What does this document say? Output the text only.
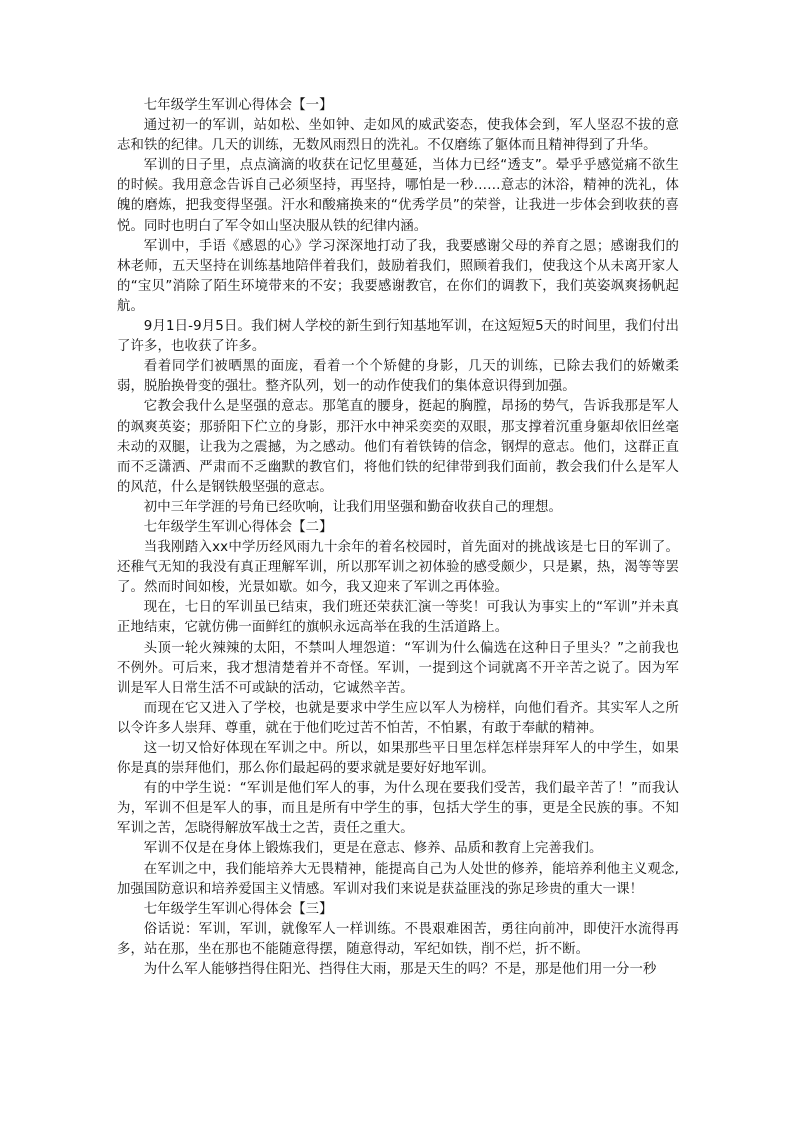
七年级学生军训心得体会【一】

通过初一的军训，站如松、坐如钟、走如风的威武姿态，使我体会到，军人坚忍不拔的意志和铁的纪律。几天的训练，无数风雨烈日的洗礼。不仅磨练了躯体而且精神得到了升华。

军训的日子里，点点滴滴的收获在记忆里蔓延，当体力已经“透支”。晕乎乎感觉痛不欲生的时候。我用意念告诉自己必须坚持，再坚持，哪怕是一秒……意志的沐浴，精神的洗礼，体魄的磨炼，把我变得坚强。汗水和酸痛换来的“优秀学员”的荣誉，让我进一步体会到收获的喜悦。同时也明白了军令如山坚决服从铁的纪律内涵。

军训中，手语《感恩的心》学习深深地打动了我，我要感谢父母的养育之恩；感谢我们的林老师，五天坚持在训练基地陪伴着我们，鼓励着我们，照顾着我们，使我这个从未离开家人的“宝贝”消除了陌生环境带来的不安；我要感谢教官，在你们的调教下，我们英姿飒爽扬帆起航。

9月1日-9月5日。我们树人学校的新生到行知基地军训，在这短短5天的时间里，我们付出了许多，也收获了许多。

看着同学们被晒黑的面庞，看着一个个矫健的身影，几天的训练，已除去我们的娇嫩柔弱，脱胎换骨变的强壮。整齐队列，划一的动作使我们的集体意识得到加强。

它教会我什么是坚强的意志。那笔直的腰身，挺起的胸膛，昂扬的势气，告诉我那是军人的飒爽英姿；那骄阳下伫立的身影，那汗水中神采奕奕的双眼，那支撑着沉重身躯却依旧丝毫未动的双腿，让我为之震撼，为之感动。他们有着铁铸的信念，钢焊的意志。他们，这群正直而不乏潇洒、严肃而不乏幽默的教官们，将他们铁的纪律带到我们面前，教会我们什么是军人的风范，什么是钢铁般坚强的意志。

初中三年学涯的号角已经吹响，让我们用坚强和勤奋收获自己的理想。

七年级学生军训心得体会【二】

当我刚踏入xx中学历经风雨九十余年的着名校园时，首先面对的挑战该是七日的军训了。还稚气无知的我没有真正理解军训，所以那军训之初体验的感受颇少，只是累，热，渴等等罢了。然而时间如梭，光景如歇。如今，我又迎来了军训之再体验。

现在，七日的军训虽已结束，我们班还荣获汇演一等奖！可我认为事实上的“军训”并未真正地结束，它就仿佛一面鲜红的旗帜永远高举在我的生活道路上。

头顶一轮火辣辣的太阳，不禁叫人埋怨道：“军训为什么偏选在这种日子里头？”之前我也不例外。可后来，我才想清楚着并不奇怪。军训，一提到这个词就离不开辛苦之说了。因为军训是军人日常生活不可或缺的活动，它诚然辛苦。

而现在它又进入了学校，也就是要求中学生应以军人为榜样，向他们看齐。其实军人之所以令许多人崇拜、尊重，就在于他们吃过苦不怕苦，不怕累，有敢于奉献的精神。

这一切又恰好体现在军训之中。所以，如果那些平日里怎样怎样崇拜军人的中学生，如果你是真的崇拜他们，那么你们最起码的要求就是要好好地军训。

有的中学生说：“军训是他们军人的事，为什么现在要我们受苦，我们最辛苦了！”而我认为，军训不但是军人的事，而且是所有中学生的事，包括大学生的事，更是全民族的事。不知军训之苦，怎晓得解放军战士之苦，责任之重大。

军训不仅是在身体上锻炼我们，更是在意志、修养、品质和教育上完善我们。

在军训之中，我们能培养大无畏精神，能提高自己为人处世的修养，能培养利他主义观念,加强国防意识和培养爱国主义情感。军训对我们来说是获益匪浅的弥足珍贵的重大一课！

七年级学生军训心得体会【三】

俗话说：军训，军训，就像军人一样训练。不畏艰难困苦，勇往向前冲，即使汗水流得再多，站在那，坐在那也不能随意得摆，随意得动，军纪如铁，削不烂，折不断。

为什么军人能够挡得住阳光、挡得住大雨，那是天生的吗？不是，那是他们用一分一秒
